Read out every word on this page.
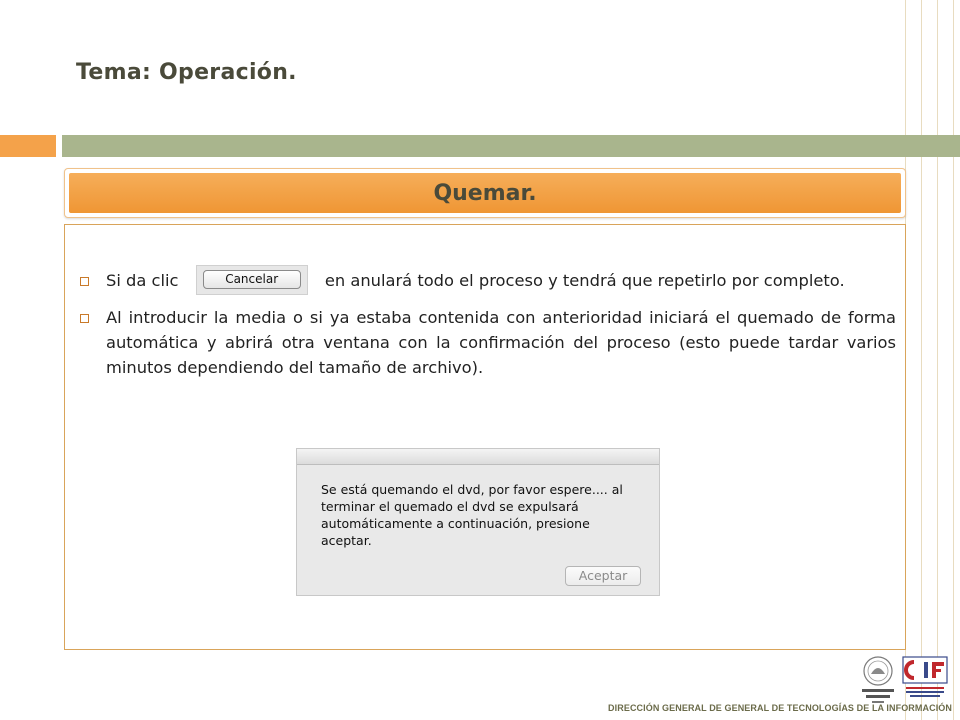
Tema: Operación.
Quemar.
Si da clic	Cancelar	en anulará todo el proceso y tendrá que repetirlo por completo.
Al introducir la media o si ya estaba contenida con anterioridad iniciará el quemado de forma automática y abrirá otra ventana con la confirmación del proceso (esto puede tardar varios minutos dependiendo del tamaño de archivo).
Se está quemando el dvd, por favor espere.... al terminar el quemado el dvd se expulsará automáticamente a continuación, presione aceptar.
Aceptar
DIRECCIÓN GENERAL DE GENERAL DE TECNOLOGÍAS DE LA INFORMACIÓN
